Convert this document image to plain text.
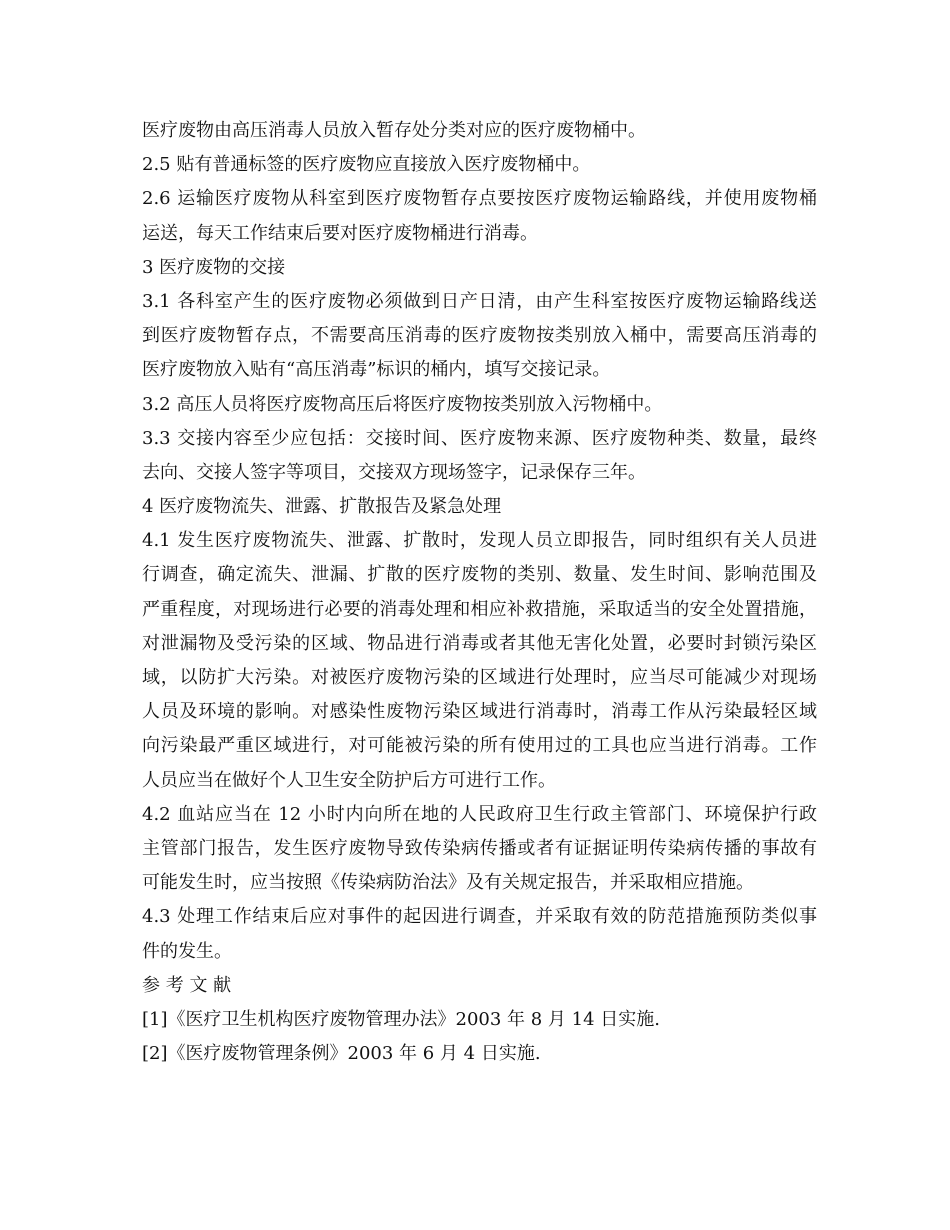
医疗废物由高压消毒人员放入暂存处分类对应的医疗废物桶中。
2.5 贴有普通标签的医疗废物应直接放入医疗废物桶中。
2.6 运输医疗废物从科室到医疗废物暂存点要按医疗废物运输路线，并使用废物桶
运送，每天工作结束后要对医疗废物桶进行消毒。
3 医疗废物的交接
3.1 各科室产生的医疗废物必须做到日产日清，由产生科室按医疗废物运输路线送
到医疗废物暂存点，不需要高压消毒的医疗废物按类别放入桶中，需要高压消毒的
医疗废物放入贴有“高压消毒”标识的桶内，填写交接记录。
3.2 高压人员将医疗废物高压后将医疗废物按类别放入污物桶中。
3.3 交接内容至少应包括：交接时间、医疗废物来源、医疗废物种类、数量，最终
去向、交接人签字等项目，交接双方现场签字，记录保存三年。
4 医疗废物流失、泄露、扩散报告及紧急处理
4.1 发生医疗废物流失、泄露、扩散时，发现人员立即报告，同时组织有关人员进
行调查，确定流失、泄漏、扩散的医疗废物的类别、数量、发生时间、影响范围及
严重程度，对现场进行必要的消毒处理和相应补救措施，采取适当的安全处置措施，
对泄漏物及受污染的区域、物品进行消毒或者其他无害化处置，必要时封锁污染区
域，以防扩大污染。对被医疗废物污染的区域进行处理时，应当尽可能减少对现场
人员及环境的影响。对感染性废物污染区域进行消毒时，消毒工作从污染最轻区域
向污染最严重区域进行，对可能被污染的所有使用过的工具也应当进行消毒。工作
人员应当在做好个人卫生安全防护后方可进行工作。
4.2 血站应当在 12 小时内向所在地的人民政府卫生行政主管部门、环境保护行政
主管部门报告，发生医疗废物导致传染病传播或者有证据证明传染病传播的事故有
可能发生时，应当按照《传染病防治法》及有关规定报告，并采取相应措施。
4.3 处理工作结束后应对事件的起因进行调查，并采取有效的防范措施预防类似事
件的发生。
参 考 文 献
[1]《医疗卫生机构医疗废物管理办法》2003 年 8 月 14 日实施.
[2]《医疗废物管理条例》2003 年 6 月 4 日实施.
